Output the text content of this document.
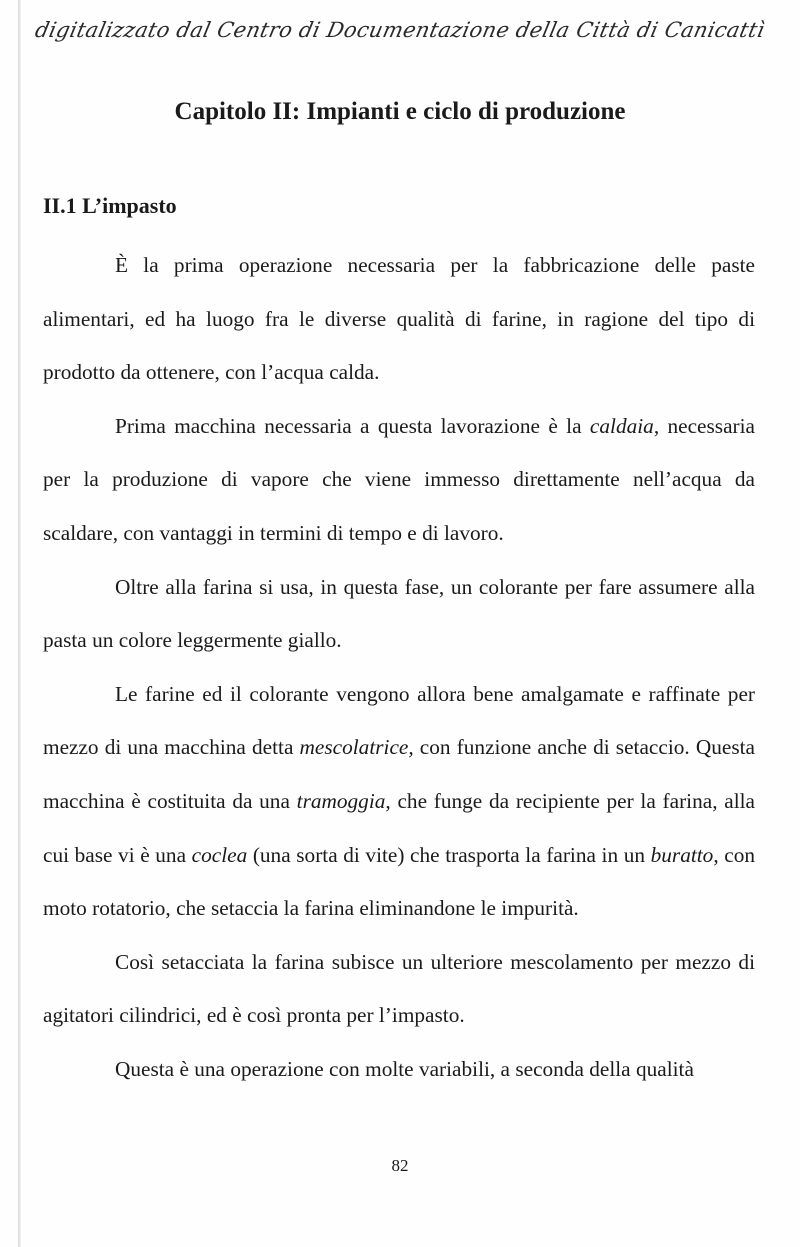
digitalizzato dal Centro di Documentazione della Città di Canicattì
Capitolo II: Impianti e ciclo di produzione
II.1 L’impasto

È la prima operazione necessaria per la fabbricazione delle paste alimentari, ed ha luogo fra le diverse qualità di farine, in ragione del tipo di prodotto da ottenere, con l’acqua calda.

Prima macchina necessaria a questa lavorazione è la caldaia, necessaria per la produzione di vapore che viene immesso direttamente nell’acqua da scaldare, con vantaggi in termini di tempo e di lavoro.

Oltre alla farina si usa, in questa fase, un colorante per fare assumere alla pasta un colore leggermente giallo.

Le farine ed il colorante vengono allora bene amalgamate e raffinate per mezzo di una macchina detta mescolatrice, con funzione anche di setaccio. Questa macchina è costituita da una tramoggia, che funge da recipiente per la farina, alla cui base vi è una coclea (una sorta di vite) che trasporta la farina in un buratto, con moto rotatorio, che setaccia la farina eliminandone le impurità.

Così setacciata la farina subisce un ulteriore mescolamento per mezzo di agitatori cilindrici, ed è così pronta per l’impasto.

Questa è una operazione con molte variabili, a seconda della qualità

82
